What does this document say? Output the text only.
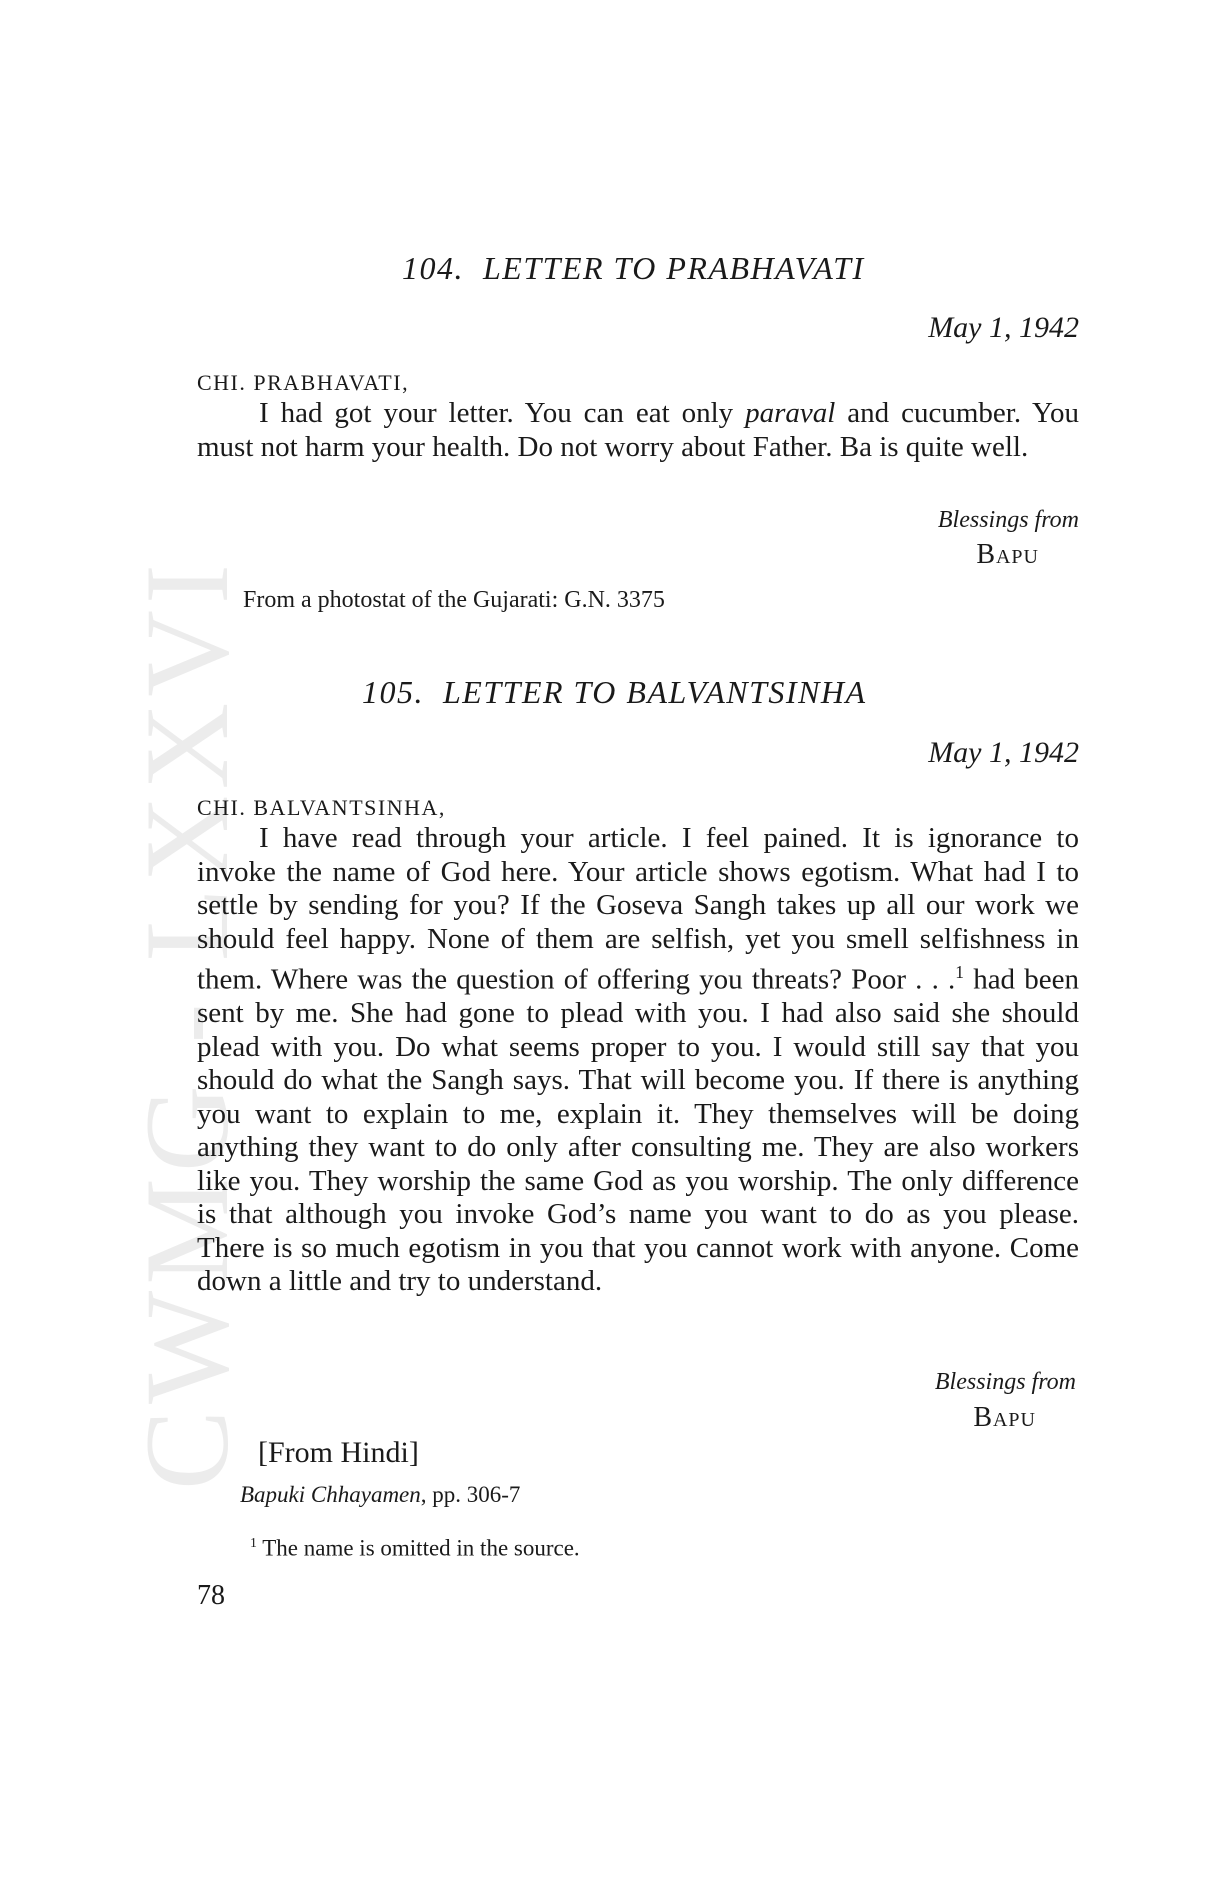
CWMG - LXXVI
104. LETTER TO PRABHAVATI
May 1, 1942
CHI. PRABHAVATI,
I had got your letter. You can eat only paraval and cucumber. You must not harm your health. Do not worry about Father. Ba is quite well.
Blessings from
Bapu
From a photostat of the Gujarati: G.N. 3375
105. LETTER TO BALVANTSINHA
May 1, 1942
CHI. BALVANTSINHA,
I have read through your article. I feel pained. It is ignorance to invoke the name of God here. Your article shows egotism. What had I to settle by sending for you? If the Goseva Sangh takes up all our work we should feel happy. None of them are selfish, yet you smell selfishness in them. Where was the question of offering you threats? Poor . . .$^1$ had been sent by me. She had gone to plead with you. I had also said she should plead with you. Do what seems proper to you. I would still say that you should do what the Sangh says. That will become you. If there is anything you want to explain to me, explain it. They themselves will be doing anything they want to do only after consulting me. They are also workers like you. They worship the same God as you worship. The only difference is that although you invoke God’s name you want to do as you please. There is so much egotism in you that you cannot work with anyone. Come down a little and try to understand.
Blessings from
Bapu
[From Hindi]
Bapuki Chhayamen, pp. 306-7
$^1$ The name is omitted in the source.
78
